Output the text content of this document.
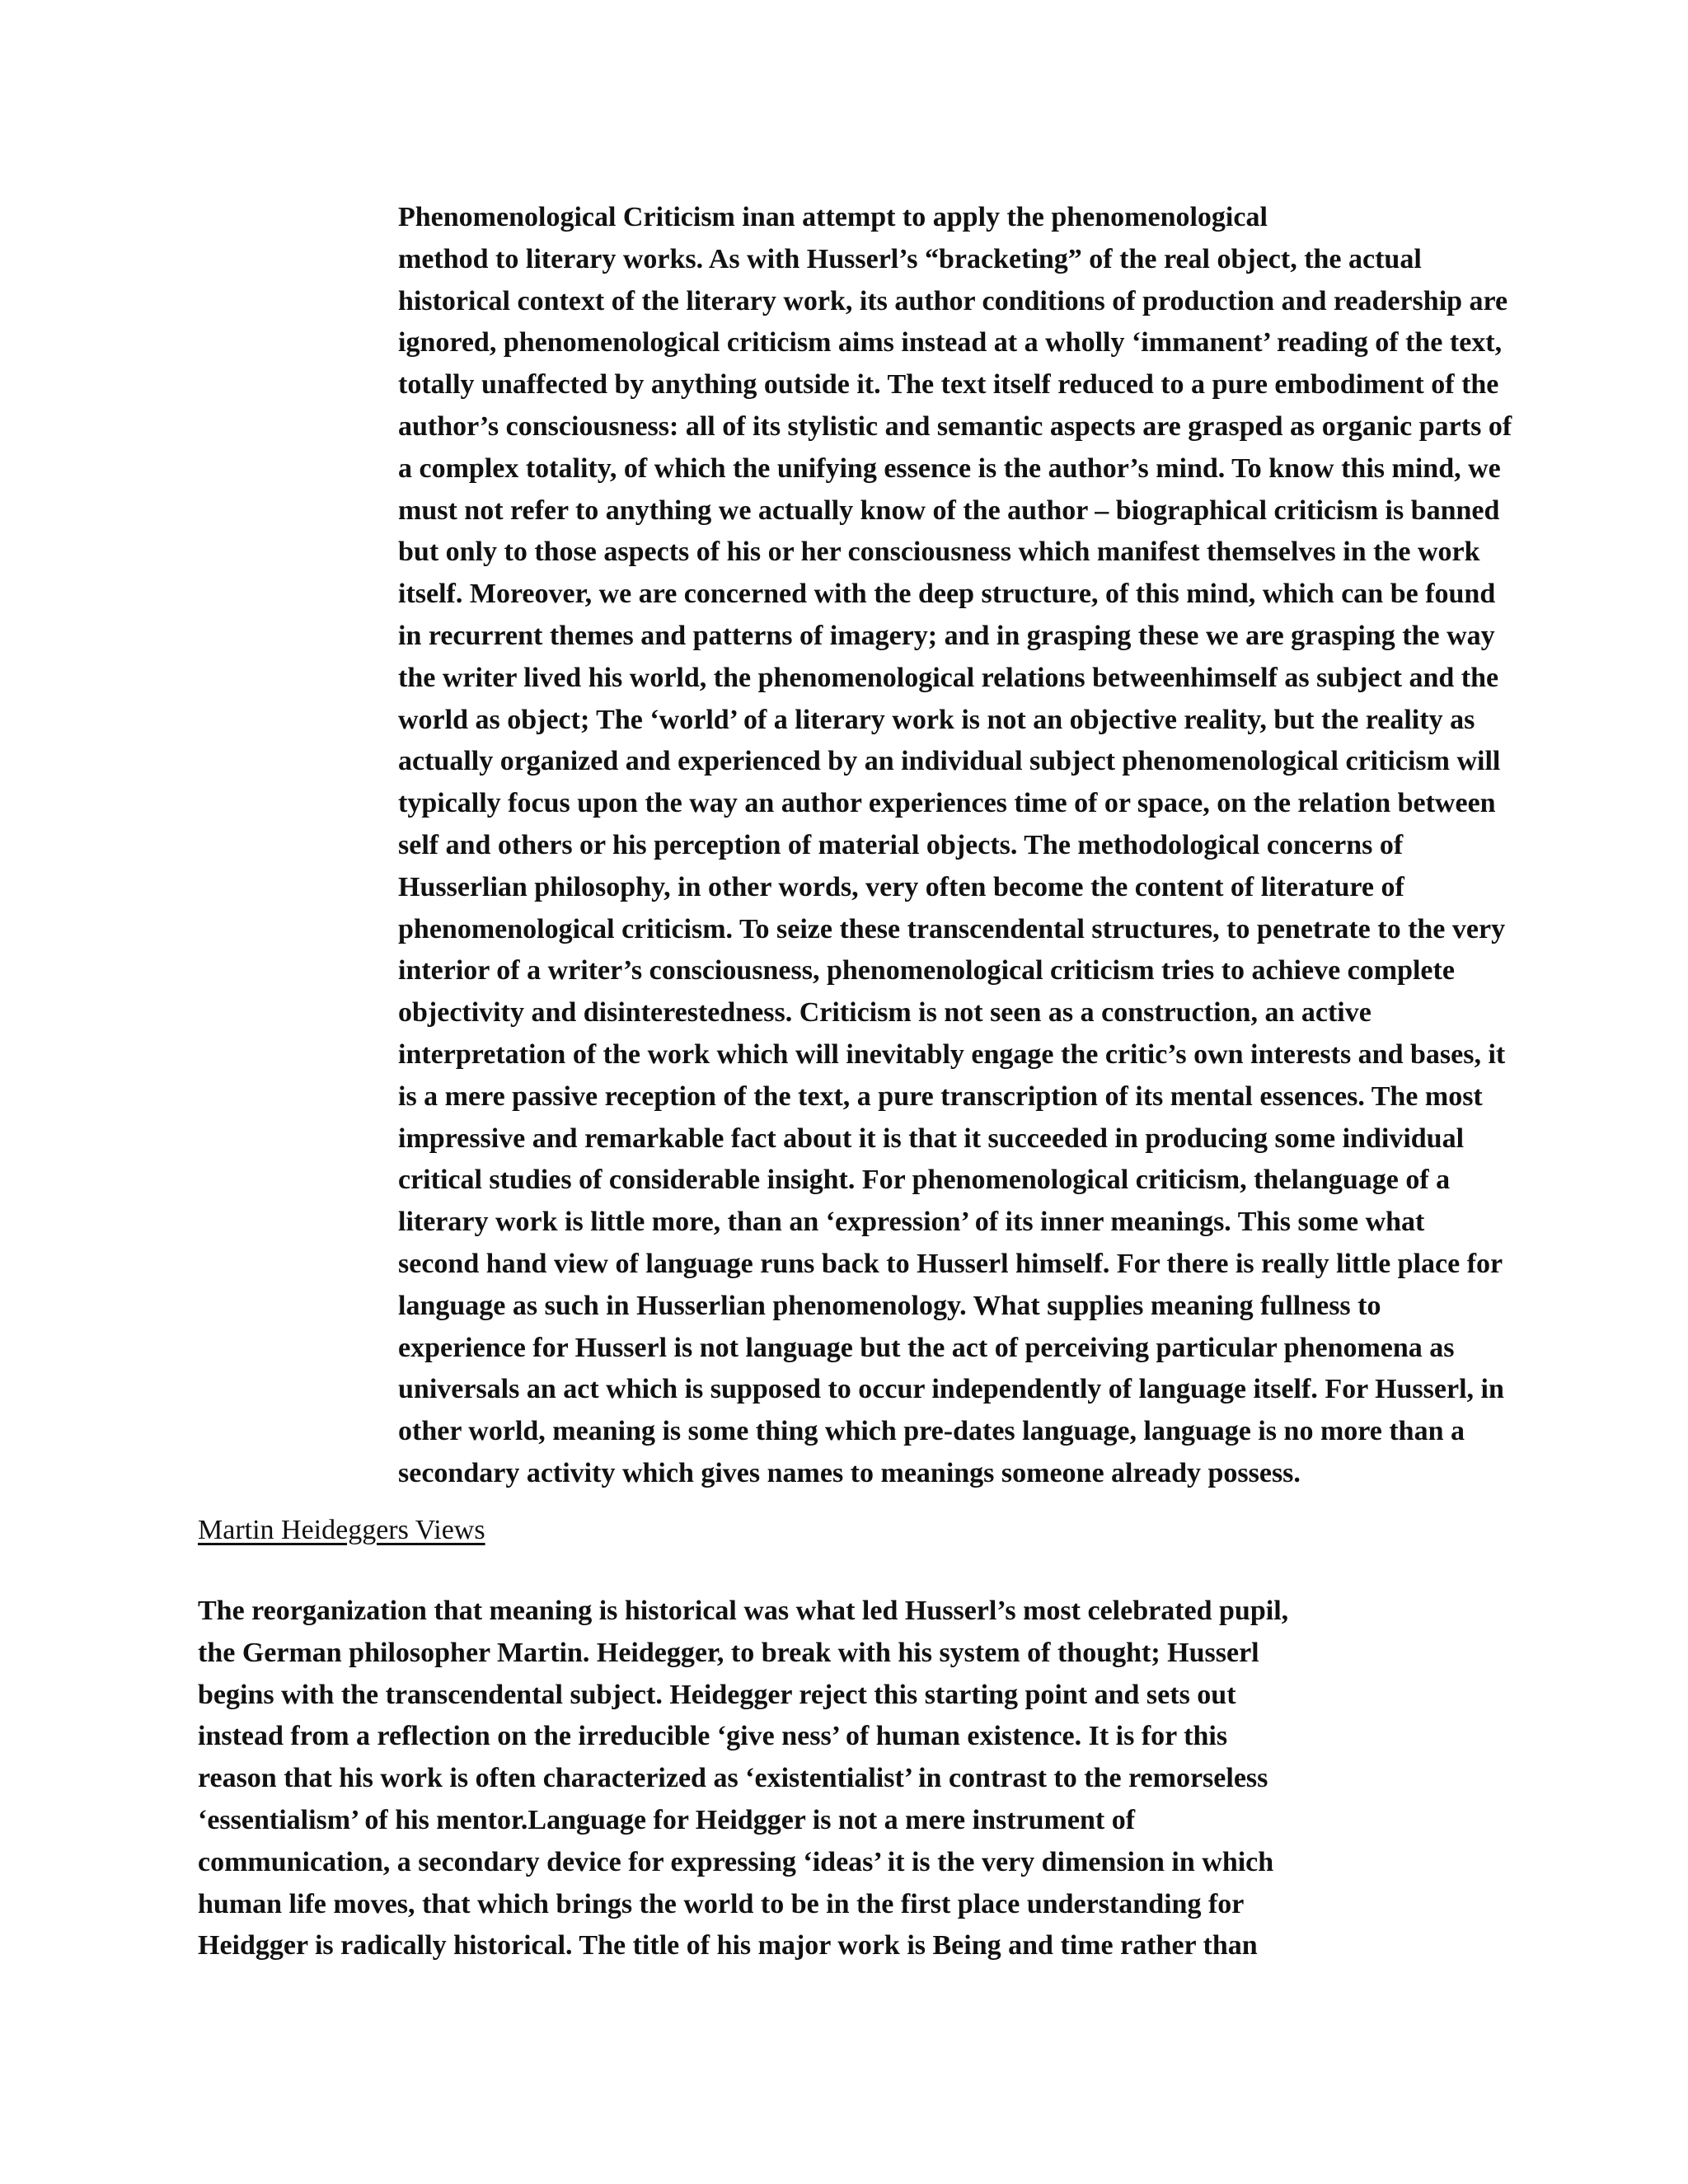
Phenomenological Criticism inan attempt to apply the phenomenological
method to literary works. As with Husserl’s “bracketing” of the real object, the actual
historical context of the literary work, its author conditions of production and readership are
ignored, phenomenological criticism aims instead at a wholly ‘immanent’ reading of the text,
totally unaffected by anything outside it. The text itself reduced to a pure embodiment of the
author’s consciousness: all of its stylistic and semantic aspects are grasped as organic parts of
a complex totality, of which the unifying essence is the author’s mind. To know this mind, we
must not refer to anything we actually know of the author – biographical criticism is banned
but only to those aspects of his or her consciousness which manifest themselves in the work
itself. Moreover, we are concerned with the deep structure, of this mind, which can be found
in recurrent themes and patterns of imagery; and in grasping these we are grasping the way
the writer lived his world, the phenomenological relations betweenhimself as subject and the
world as object; The ‘world’ of a literary work is not an objective reality, but the reality as
actually organized and experienced by an individual subject phenomenological criticism will
typically focus upon the way an author experiences time of or space, on the relation between
self and others or his perception of material objects. The methodological concerns of
Husserlian philosophy, in other words, very often become the content of literature of
phenomenological criticism. To seize these transcendental structures, to penetrate to the very
interior of a writer’s consciousness, phenomenological criticism tries to achieve complete
objectivity and disinterestedness. Criticism is not seen as a construction, an active
interpretation of the work which will inevitably engage the critic’s own interests and bases, it
is a mere passive reception of the text, a pure transcription of its mental essences. The most
impressive and remarkable fact about it is that it succeeded in producing some individual
critical studies of considerable insight. For phenomenological criticism, thelanguage of a
literary work is little more, than an ‘expression’ of its inner meanings. This some what
second hand view of language runs back to Husserl himself. For there is really little place for
language as such in Husserlian phenomenology. What supplies meaning fullness to
experience for Husserl is not language but the act of perceiving particular phenomena as
universals an act which is supposed to occur independently of language itself. For Husserl, in
other world, meaning is some thing which pre-dates language, language is no more than a
secondary activity which gives names to meanings someone already possess.
Martin Heideggers Views
The reorganization that meaning is historical was what led Husserl’s most celebrated pupil,
the German philosopher Martin. Heidegger, to break with his system of thought; Husserl
begins with the transcendental subject. Heidegger reject this starting point and sets out
instead from a reflection on the irreducible ‘give ness’ of human existence. It is for this
reason that his work is often characterized as ‘existentialist’ in contrast to the remorseless
‘essentialism’ of his mentor.Language for Heidgger is not a mere instrument of
communication, a secondary device for expressing ‘ideas’ it is the very dimension in which
human life moves, that which brings the world to be in the first place understanding for
Heidgger is radically historical. The title of his major work is Being and time rather than
